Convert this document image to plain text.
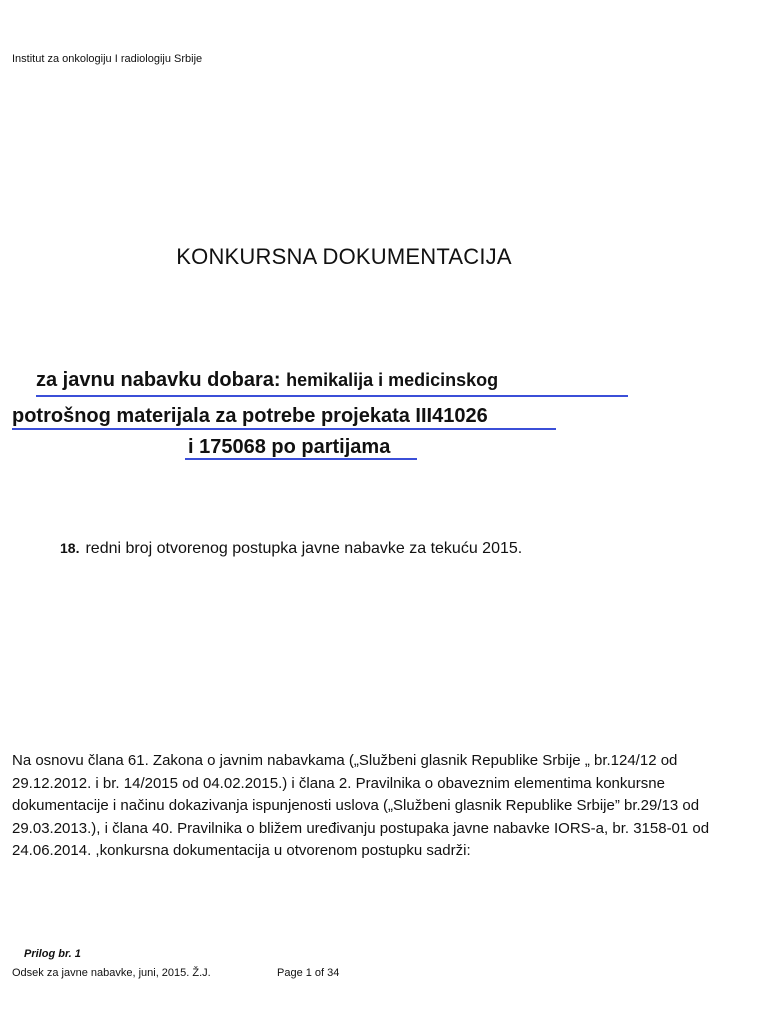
Institut za onkologiju I radiologiju Srbije
KONKURSNA DOKUMENTACIJA
za javnu nabavku dobara: hemikalija i medicinskog
potrošnog materijala za potrebe projekata III41026
i 175068 po partijama
18. redni broj otvorenog postupka javne nabavke za tekuću 2015.
Na osnovu člana 61. Zakona o javnim nabavkama („Službeni glasnik Republike Srbije „ br.124/12 od 29.12.2012. i br. 14/2015 od 04.02.2015.) i člana 2. Pravilnika o obaveznim elementima konkursne dokumentacije i načinu dokazivanja ispunjenosti uslova („Službeni glasnik Republike Srbije” br.29/13 od 29.03.2013.), i člana 40. Pravilnika o bližem uređivanju postupaka javne nabavke IORS-a, br. 3158-01 od 24.06.2014. ,konkursna dokumentacija u otvorenom postupku sadrži:
Prilog br. 1
Odsek za javne nabavke, juni, 2015. Ž.J.	Page 1 of 34
